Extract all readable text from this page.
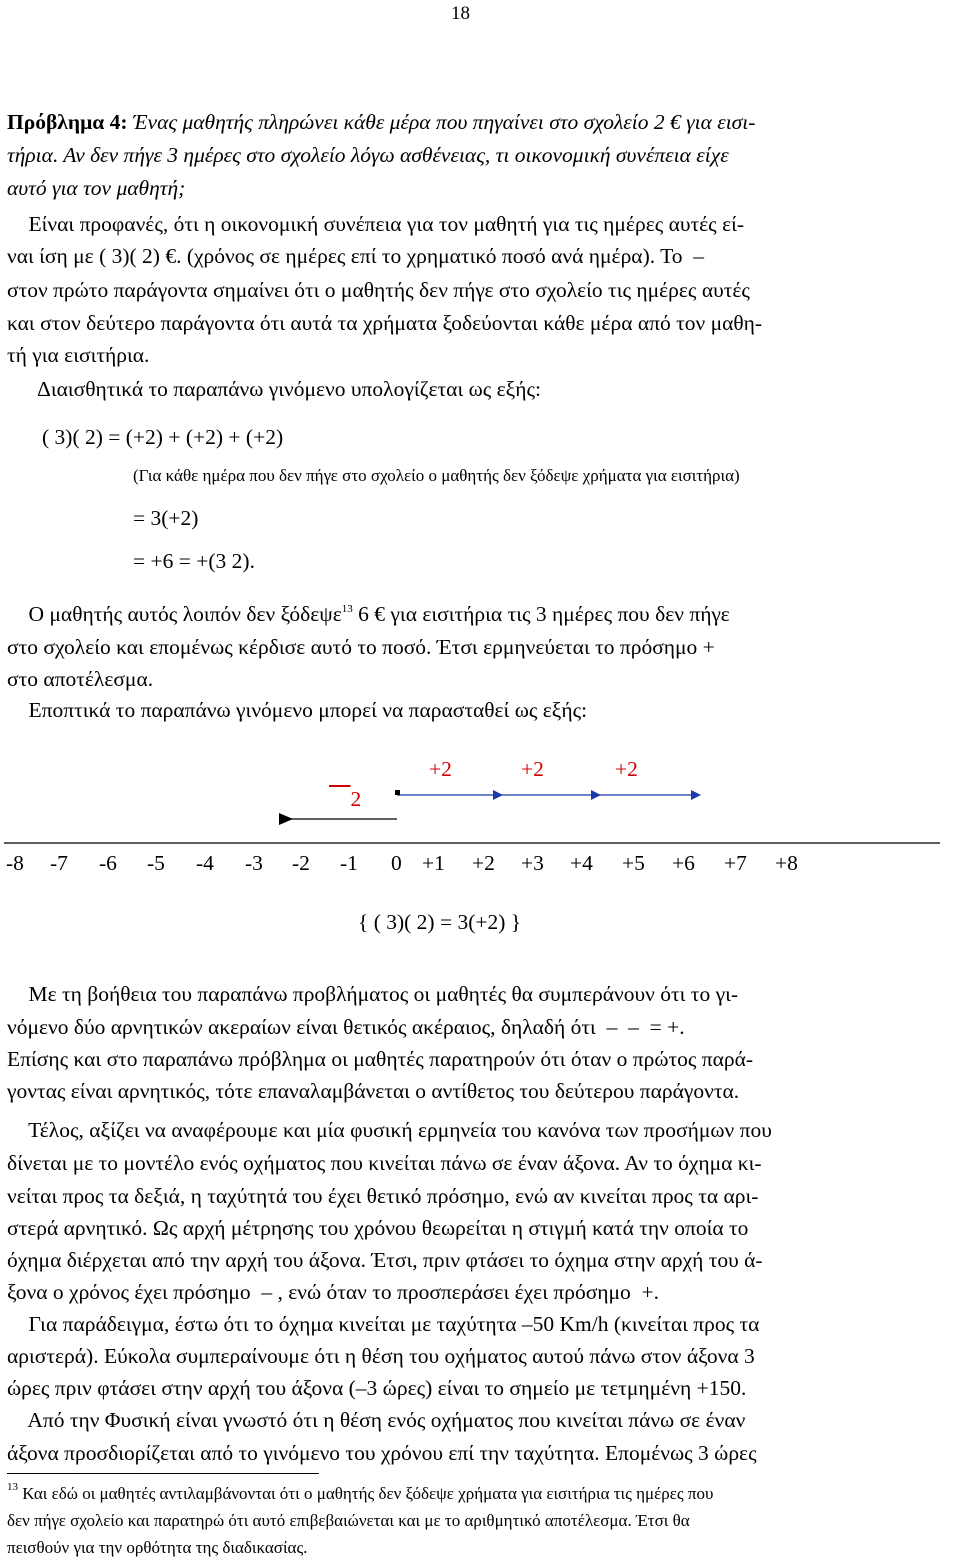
18
Πρόβλημα 4: Ένας μαθητής πληρώνει κάθε μέρα που πηγαίνει στο σχολείο 2 € για εισι-
τήρια. Αν δεν πήγε 3 ημέρες στο σχολείο λόγω ασθένειας, τι οικονομική συνέπεια είχε
αυτό για τον μαθητή;
Είναι προφανές, ότι η οικονομική συνέπεια για τον μαθητή για τις ημέρες αυτές εί-
ναι ίση με ( 3)( 2) €. (χρόνος σε ημέρες επί το χρηματικό ποσό ανά ημέρα). Το  –
στον πρώτο παράγοντα σημαίνει ότι ο μαθητής δεν πήγε στο σχολείο τις ημέρες αυτές
και στον δεύτερο παράγοντα ότι αυτά τα χρήματα ξοδεύονται κάθε μέρα από τον μαθη-
τή για εισιτήρια.
Διαισθητικά το παραπάνω γινόμενο υπολογίζεται ως εξής:
( 3)( 2) = (+2) + (+2) + (+2)
(Για κάθε ημέρα που δεν πήγε στο σχολείο ο μαθητής δεν ξόδεψε χρήματα για εισιτήρια)
= 3(+2)
= +6 = +(3 2).
Ο μαθητής αυτός λοιπόν δεν ξόδεψε$^{13}$ 6 € για εισιτήρια τις 3 ημέρες που δεν πήγε
στο σχολείο και επομένως κέρδισε αυτό το ποσό. Έτσι ερμηνεύεται το πρόσημο +
στο αποτέλεσμα.
Εποπτικά το παραπάνω γινόμενο μπορεί να παρασταθεί ως εξής:
 2
+2	+2	+2
-8 -7 -6 -5 -4 -3 -2 -1 0 +1 +2 +3 +4 +5 +6 +7 +8
{ ( 3)( 2) = 3(+2) }
Με τη βοήθεια του παραπάνω προβλήματος οι μαθητές θα συμπεράνουν ότι το γι-
νόμενο δύο αρνητικών ακεραίων είναι θετικός ακέραιος, δηλαδή ότι  –  –  = +.
Επίσης και στο παραπάνω πρόβλημα οι μαθητές παρατηρούν ότι όταν ο πρώτος παρά-
γοντας είναι αρνητικός, τότε επαναλαμβάνεται ο αντίθετος του δεύτερου παράγοντα.
Τέλος, αξίζει να αναφέρουμε και μία φυσική ερμηνεία του κανόνα των προσήμων που
δίνεται με το μοντέλο ενός οχήματος που κινείται πάνω σε έναν άξονα. Αν το όχημα κι-
νείται προς τα δεξιά, η ταχύτητά του έχει θετικό πρόσημο, ενώ αν κινείται προς τα αρι-
στερά αρνητικό. Ως αρχή μέτρησης του χρόνου θεωρείται η στιγμή κατά την οποία το
όχημα διέρχεται από την αρχή του άξονα. Έτσι, πριν φτάσει το όχημα στην αρχή του ά-
ξονα ο χρόνος έχει πρόσημο  – , ενώ όταν το προσπεράσει έχει πρόσημο  +.
Για παράδειγμα, έστω ότι το όχημα κινείται με ταχύτητα –50 Km/h (κινείται προς τα
αριστερά). Εύκολα συμπεραίνουμε ότι η θέση του οχήματος αυτού πάνω στον άξονα 3
ώρες πριν φτάσει στην αρχή του άξονα (–3 ώρες) είναι το σημείο με τετμημένη +150.
Από την Φυσική είναι γνωστό ότι η θέση ενός οχήματος που κινείται πάνω σε έναν
άξονα προσδιορίζεται από το γινόμενο του χρόνου επί την ταχύτητα. Επομένως 3 ώρες
$^{13}$ Και εδώ οι μαθητές αντιλαμβάνονται ότι ο μαθητής δεν ξόδεψε χρήματα για εισιτήρια τις ημέρες που
δεν πήγε σχολείο και παρατηρώ ότι αυτό επιβεβαιώνεται και με το αριθμητικό αποτέλεσμα. Έτσι θα
πεισθούν για την ορθότητα της διαδικασίας.
